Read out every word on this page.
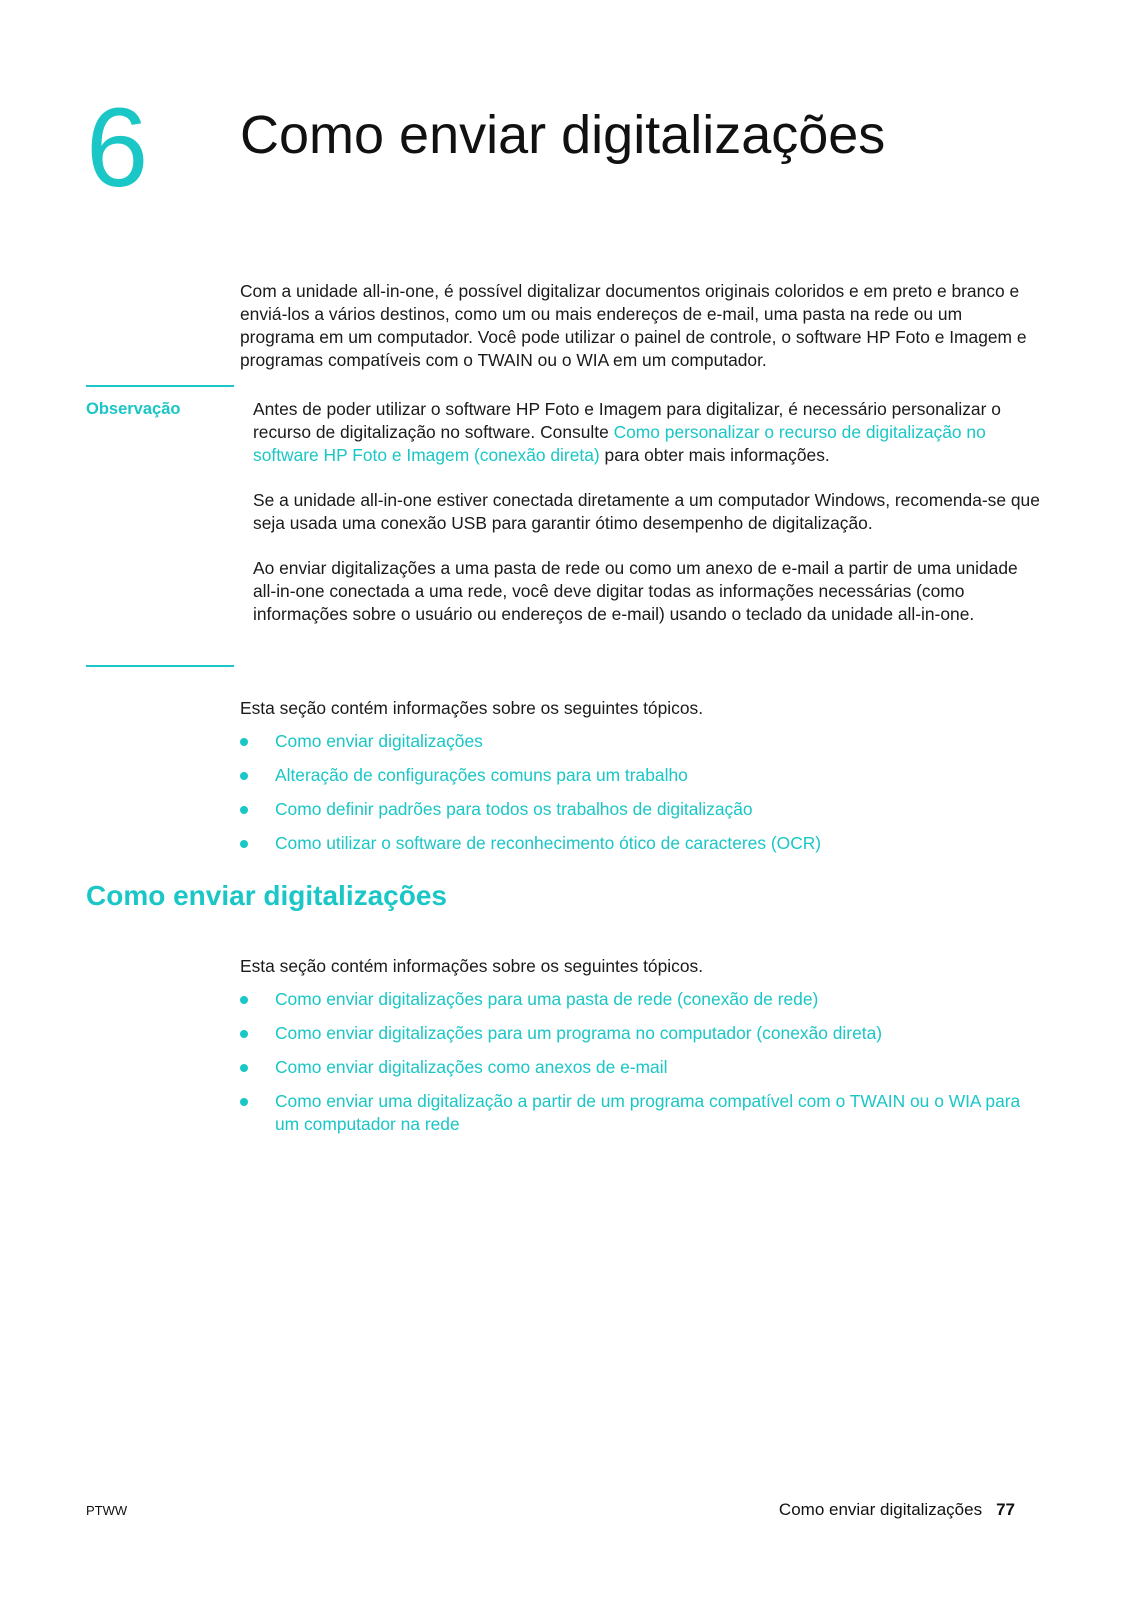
6 Como enviar digitalizações

Com a unidade all-in-one, é possível digitalizar documentos originais coloridos e em preto e branco e enviá-los a vários destinos, como um ou mais endereços de e-mail, uma pasta na rede ou um programa em um computador. Você pode utilizar o painel de controle, o software HP Foto e Imagem e programas compatíveis com o TWAIN ou o WIA em um computador.

Observação	Antes de poder utilizar o software HP Foto e Imagem para digitalizar, é necessário personalizar o recurso de digitalização no software. Consulte Como personalizar o recurso de digitalização no software HP Foto e Imagem (conexão direta) para obter mais informações.

Se a unidade all-in-one estiver conectada diretamente a um computador Windows, recomenda-se que seja usada uma conexão USB para garantir ótimo desempenho de digitalização.

Ao enviar digitalizações a uma pasta de rede ou como um anexo de e-mail a partir de uma unidade all-in-one conectada a uma rede, você deve digitar todas as informações necessárias (como informações sobre o usuário ou endereços de e-mail) usando o teclado da unidade all-in-one.

Esta seção contém informações sobre os seguintes tópicos.

Como enviar digitalizações
Alteração de configurações comuns para um trabalho
Como definir padrões para todos os trabalhos de digitalização
Como utilizar o software de reconhecimento ótico de caracteres (OCR)
Como enviar digitalizações

Esta seção contém informações sobre os seguintes tópicos.

Como enviar digitalizações para uma pasta de rede (conexão de rede)
Como enviar digitalizações para um programa no computador (conexão direta)
Como enviar digitalizações como anexos de e-mail
Como enviar uma digitalização a partir de um programa compatível com o TWAIN ou o WIA para um computador na rede
PTWW	Como enviar digitalizações 77
